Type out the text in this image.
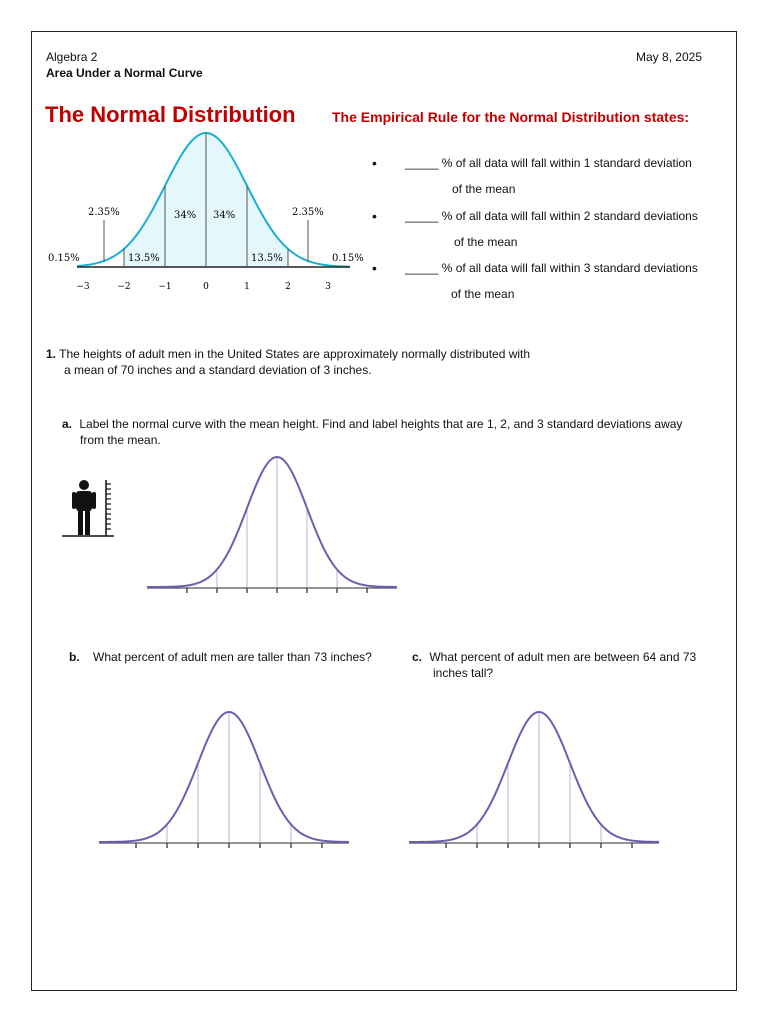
Algebra 2
Area Under a Normal Curve
May 8, 2025
The Normal Distribution	The Empirical Rule for the Normal Distribution states:
• _____ % of all data will fall within 1 standard deviation
of the mean
• _____ % of all data will fall within 2 standard deviations
of the mean
• _____ % of all data will fall within 3 standard deviations
of the mean
0.15%
2.35%
13.5%
34% 34%
13.5%
2.35%
0.15%
−3	−2	−1	0	1	2	3
1. The heights of adult men in the United States are approximately normally distributed with
a mean of 70 inches and a standard deviation of 3 inches.
a. Label the normal curve with the mean height. Find and label heights that are 1, 2, and 3 standard deviations away
from the mean.
b. What percent of adult men are taller than 73 inches?	c. What percent of adult men are between 64 and 73
inches tall?
